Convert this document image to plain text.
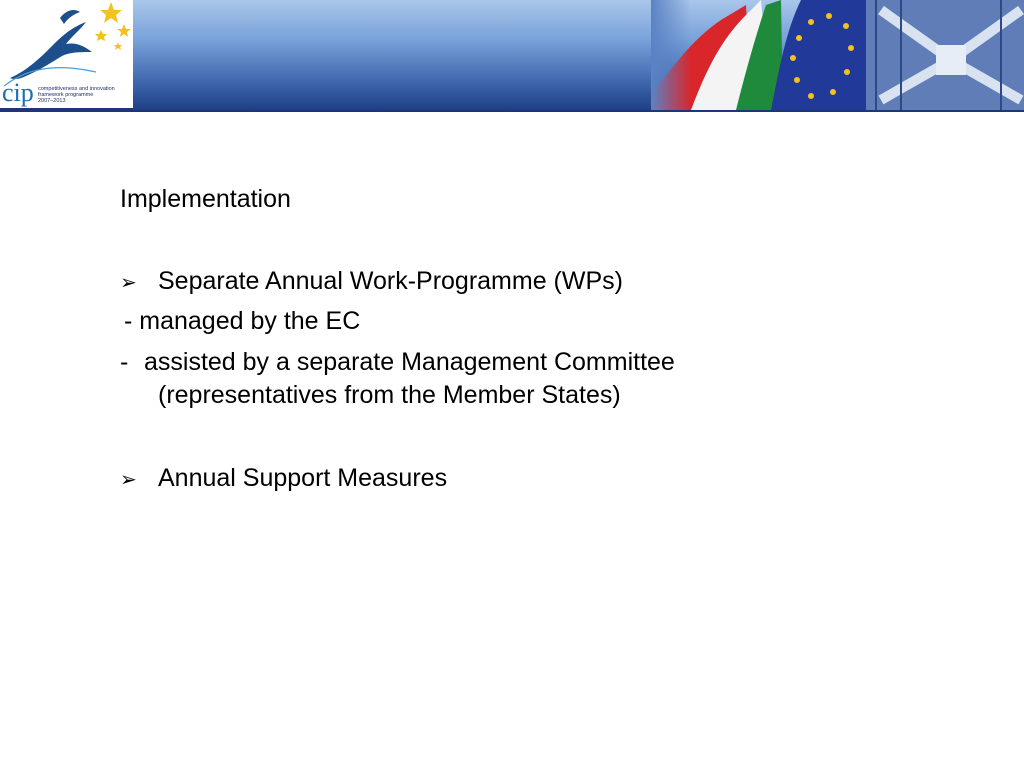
cip competitiveness and innovation
framework programme
2007–2013
Implementation
➢ Separate Annual Work-Programme (WPs)
- managed by the EC
- assisted by a separate Management Committee
(representatives from the Member States)
➢ Annual Support Measures
